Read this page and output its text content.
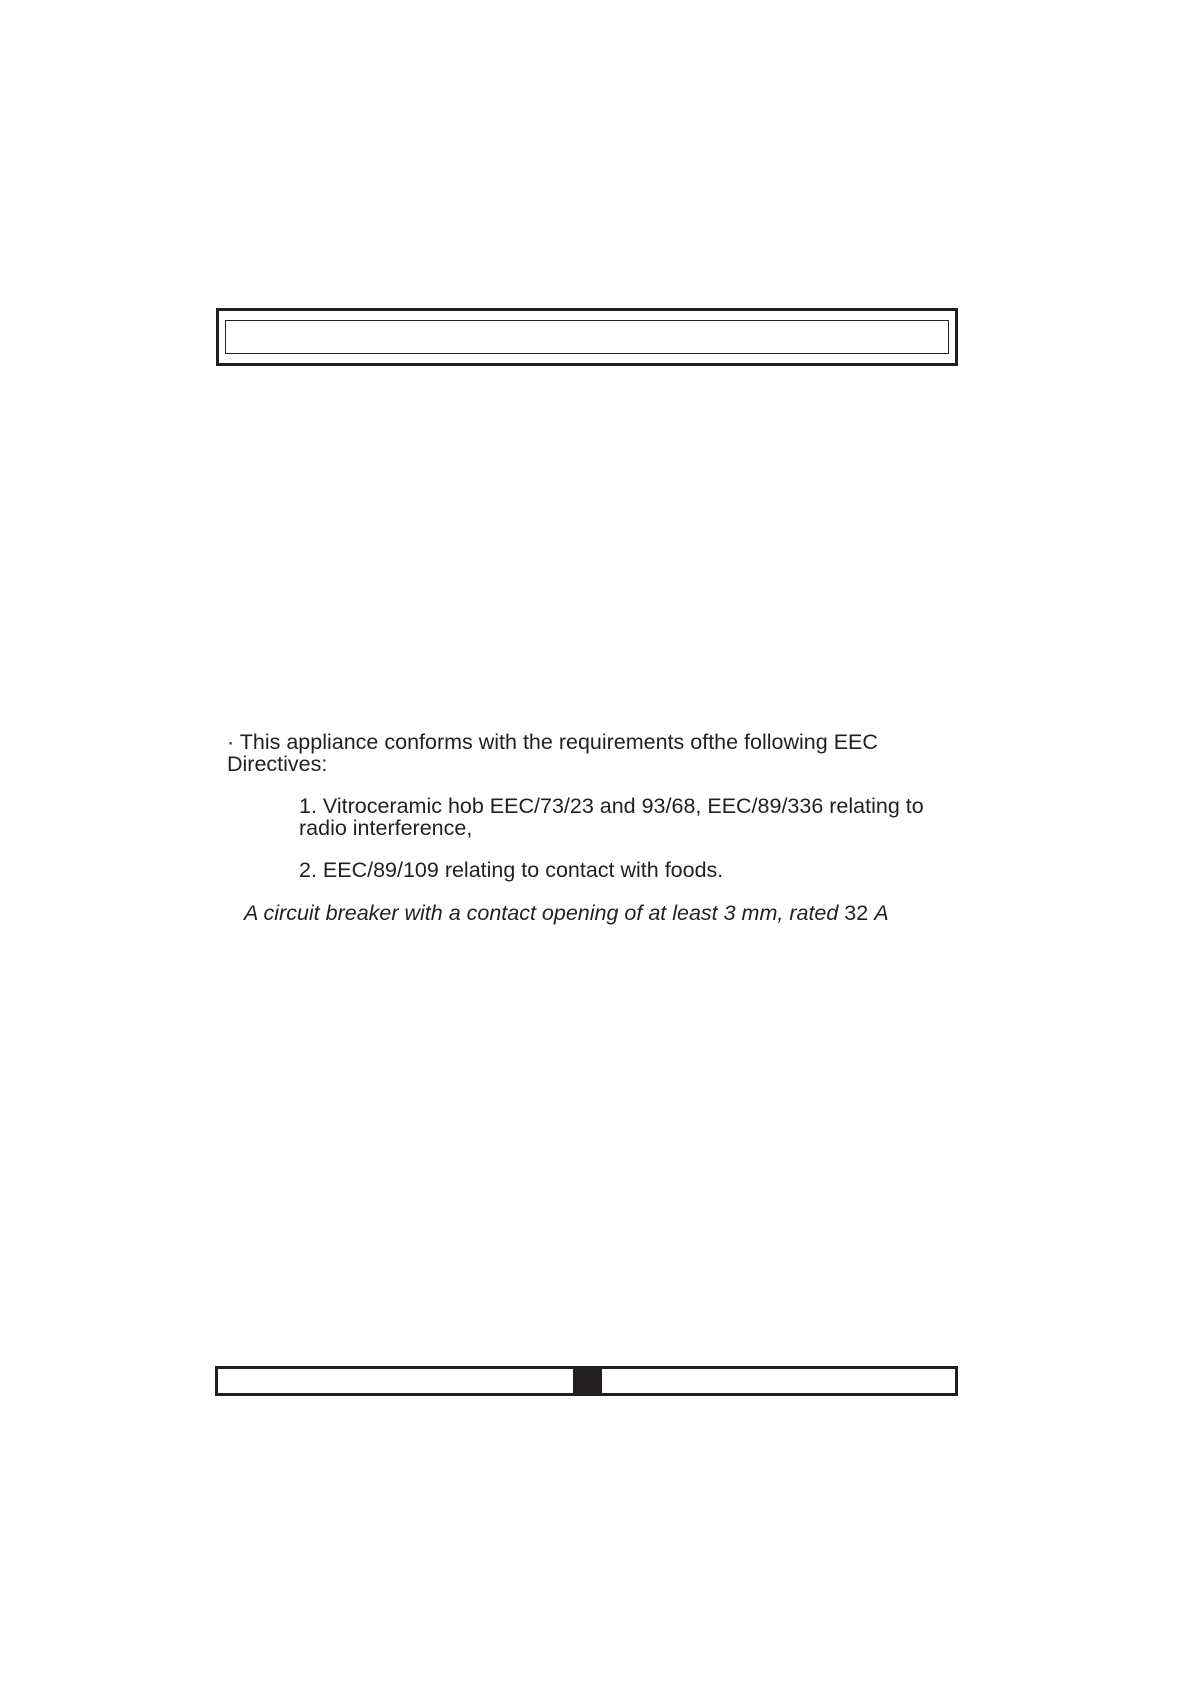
· This appliance conforms with the requirements ofthe following EEC
Directives:
1. Vitroceramic hob EEC/73/23 and 93/68, EEC/89/336 relating to
radio interference,
2. EEC/89/109 relating to contact with foods.
A circuit breaker with a contact opening of at least 3 mm, rated 32 A
